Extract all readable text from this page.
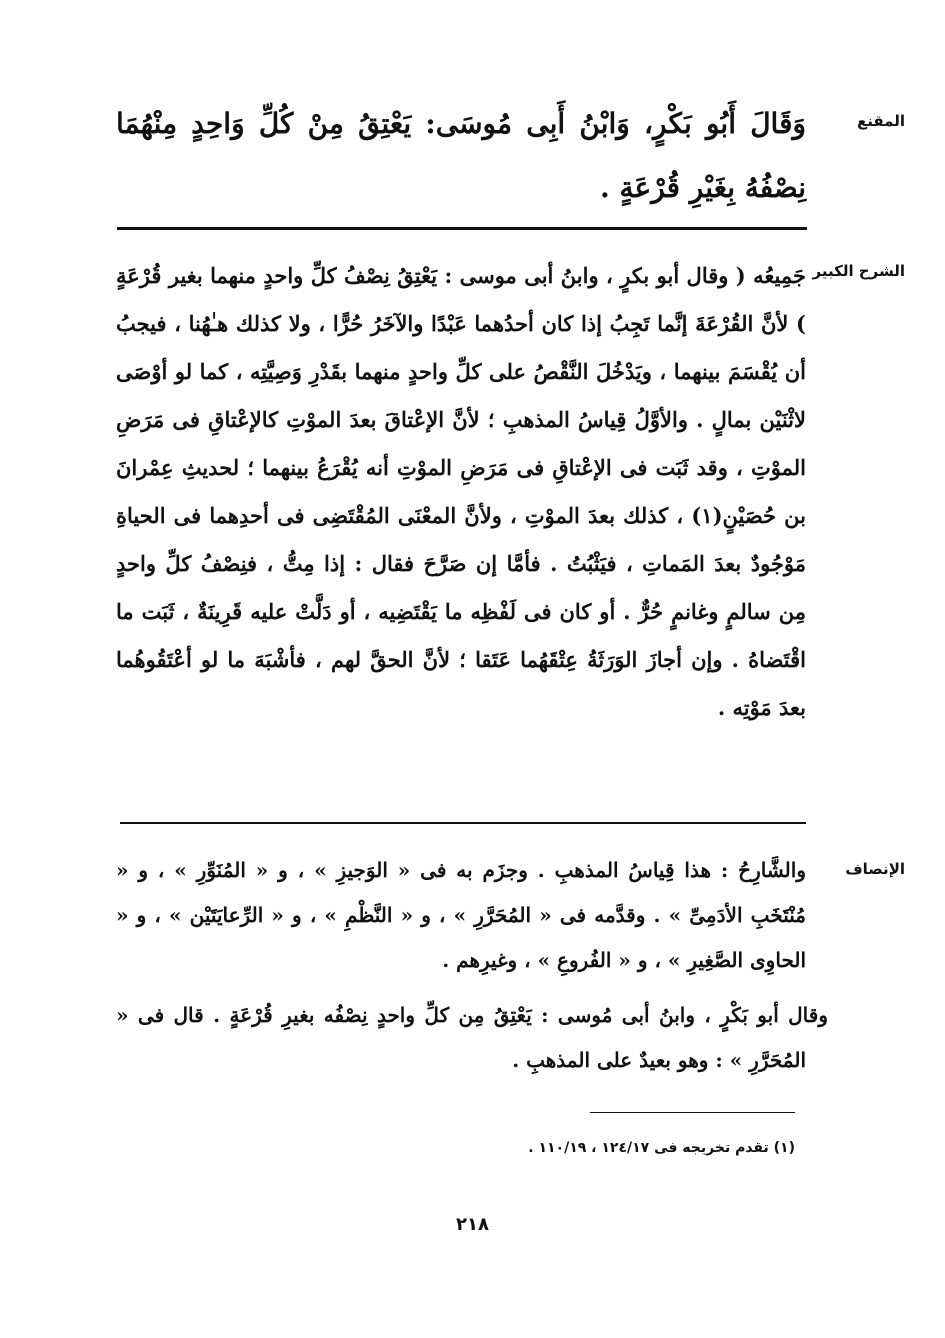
المقنع
وَقَالَ أَبُو بَكْرٍ، وَابْنُ أَبِى مُوسَى: يَعْتِقُ مِنْ كُلِّ وَاحِدٍ مِنْهُمَا نِصْفُهُ بِغَيْرِ قُرْعَةٍ .
الشرح الكبير
جَمِيعُه ( وقال أبو بكرٍ ، وابنُ أبى موسى : يَعْتِقُ نِصْفُ كلِّ واحدٍ منهما بغير قُرْعَةٍ ) لأنَّ القُرْعَةَ إنَّما تَجِبُ إذا كان أحدُهما عَبْدًا والآخَرُ حُرًّا ، ولا كذلك هـٰهُنا ، فيجبُ أن يُقْسَمَ بينهما ، ويَدْخُلَ النَّقْصُ على كلِّ واحدٍ منهما بقَدْرِ وَصِيَّتِه ، كما لو أوْصَى لاثْنَيْن بمالٍ . والأوَّلُ قِياسُ المذهبِ ؛ لأنَّ الإعْتاقَ بعدَ الموْتِ كالإعْتاقِ فى مَرَضِ الموْتِ ، وقد ثَبَت فى الإعْتاقِ فى مَرَضِ الموْتِ أنه يُقْرَعُ بينهما ؛ لحديثِ عِمْرانَ بن حُصَيْنٍ(١) ، كذلك بعدَ الموْتِ ، ولأنَّ المعْنَى المُقْتَضِى فى أحدِهما فى الحياةِ مَوْجُودٌ بعدَ المَماتِ ، فيَثْبُتُ . فأمَّا إن صَرَّحَ فقال : إذا مِتُّ ، فنِصْفُ كلِّ واحدٍ مِن سالمٍ وغانمٍ حُرٌّ . أو كان فى لَفْظِه ما يَقْتَضِيه ، أو دَلَّتْ عليه قَرِينَةٌ ، ثَبَت ما اقْتَضاهُ . وإن أجازَ الوَرَثَةُ عِتْقَهُما عَتَقا ؛ لأنَّ الحقَّ لهم ، فأشْبَهَ ما لو أعْتَقُوهُما بعدَ مَوْتِه .
الإنصاف
والشَّارِحُ : هذا قِياسُ المذهبِ . وجزَم به فى « الوَجيزِ » ، و « المُنَوِّرِ » ، و « مُنْتَخَبِ الأدَمِىِّ » . وقدَّمه فى « المُحَرَّرِ » ، و « النَّظْمِ » ، و « الرِّعايَتَيْن » ، و « الحاوِى الصَّغِيرِ » ، و « الفُروعِ » ، وغيرِهم .
وقال أبو بَكْرٍ ، وابنُ أبى مُوسى : يَعْتِقُ مِن كلِّ واحدٍ نِصْفُه بغيرِ قُرْعَةٍ . قال فى « المُحَرَّرِ » : وهو بعيدٌ على المذهبِ .
(١) تقدم تخريجه فى ١٢٤/١٧ ، ١١٠/١٩ .
٢١٨
